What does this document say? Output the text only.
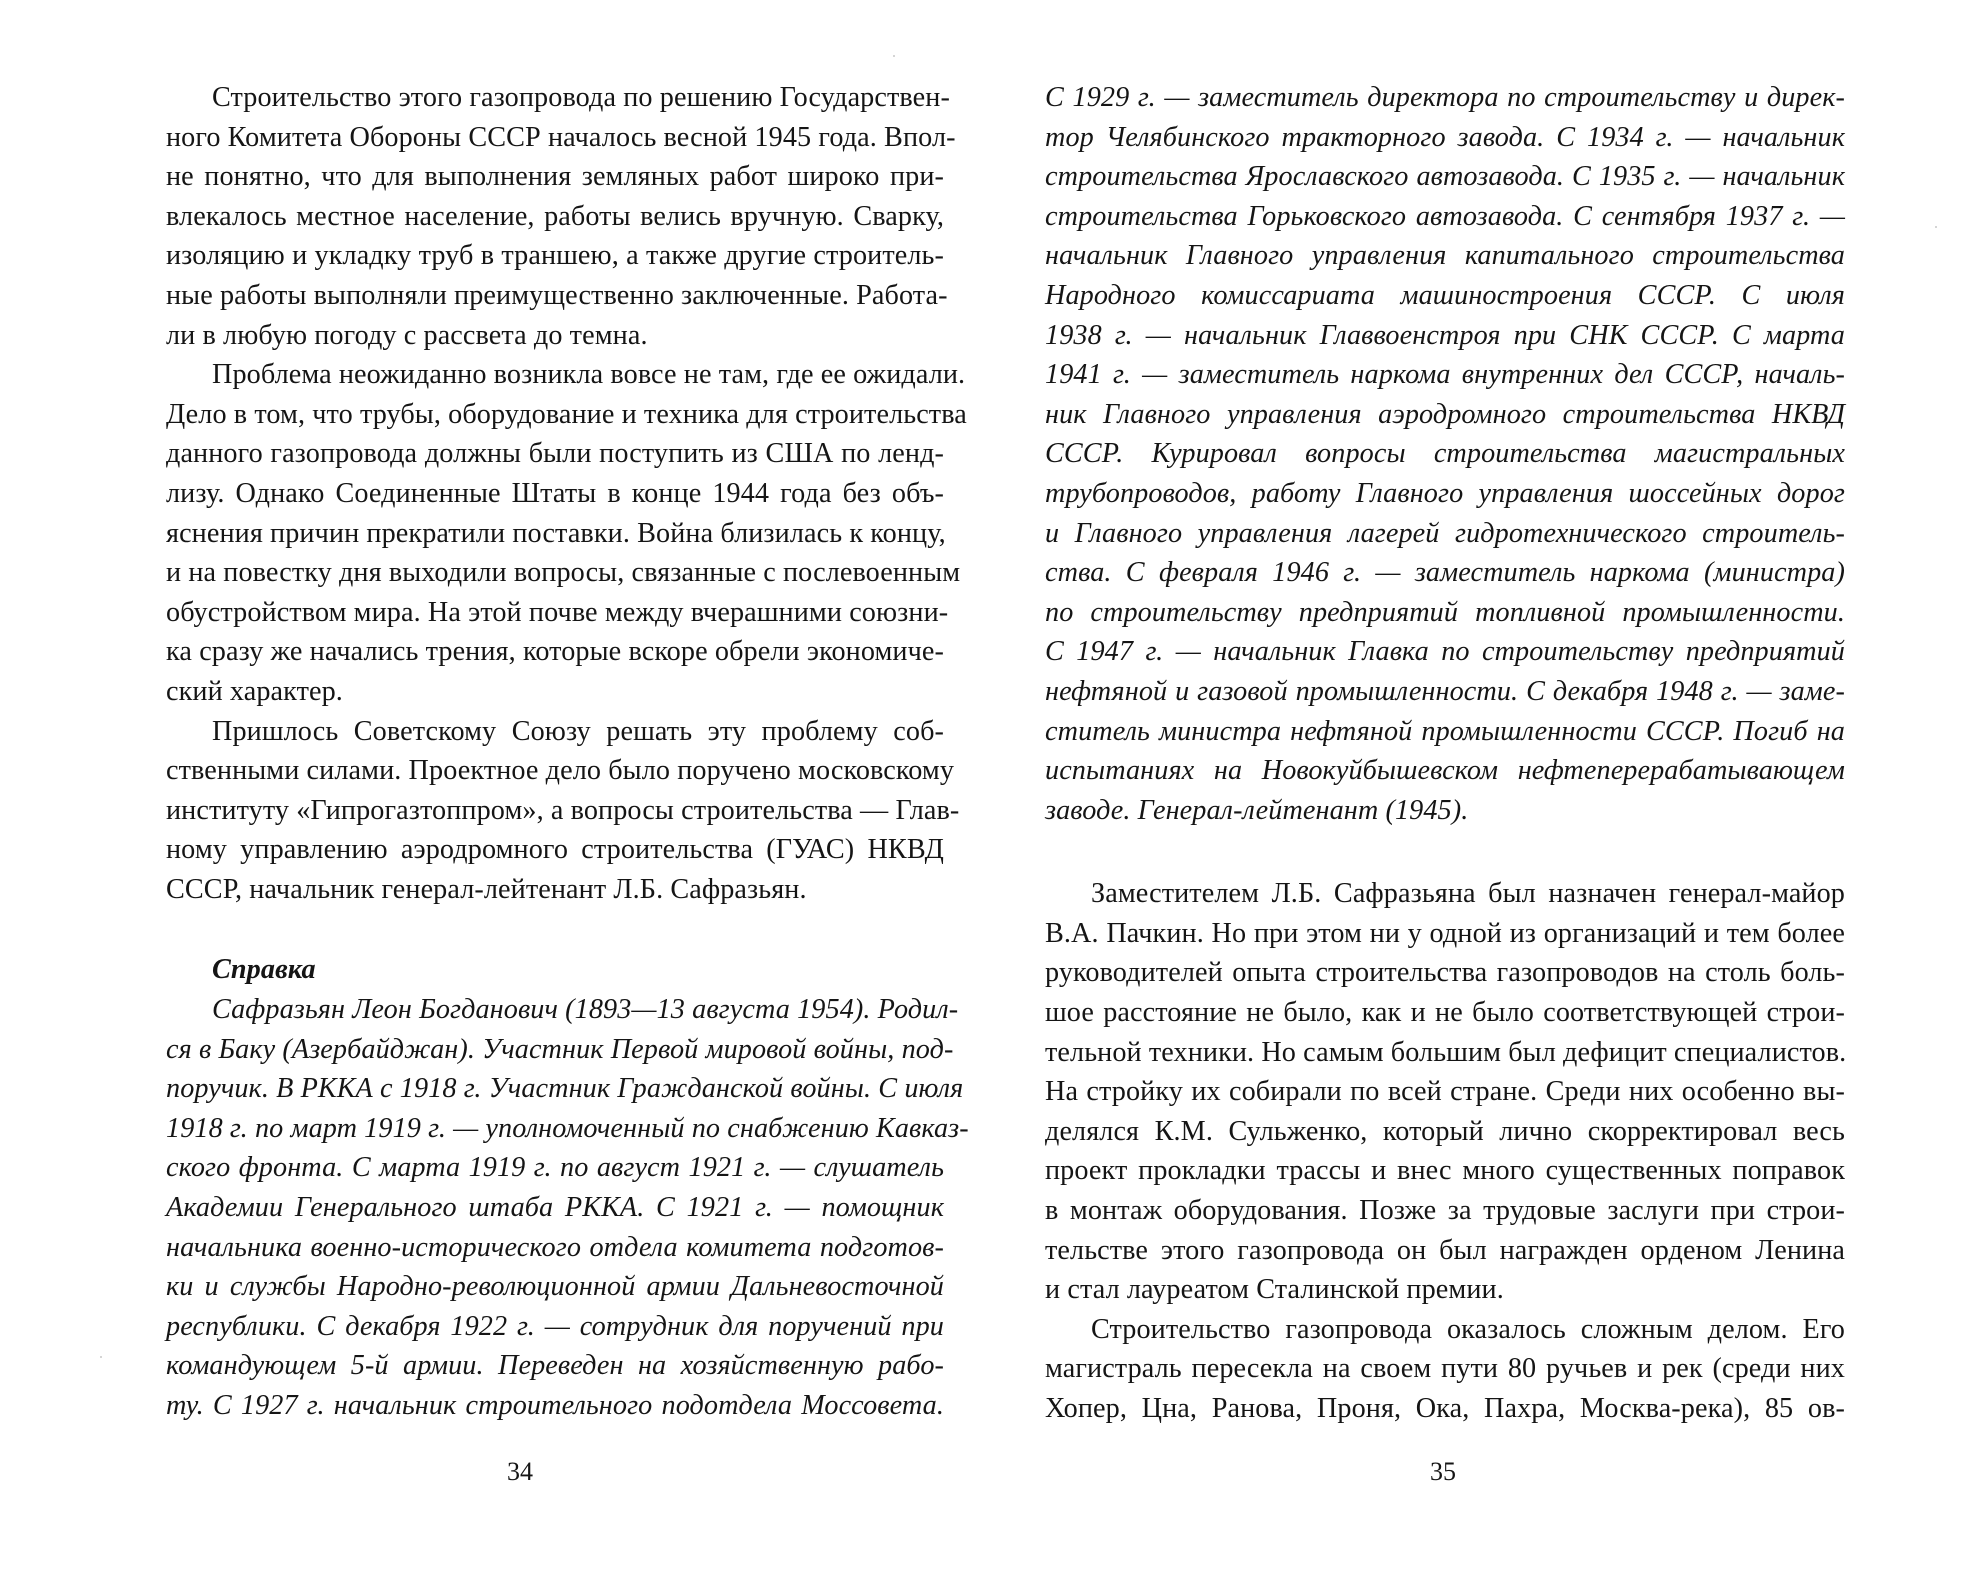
Строительство этого газопровода по решению Государствен-
ного Комитета Обороны СССР началось весной 1945 года. Впол-
не понятно, что для выполнения земляных работ широко при-
влекалось местное население, работы велись вручную. Сварку,
изоляцию и укладку труб в траншею, а также другие строитель-
ные работы выполняли преимущественно заключенные. Работа-
ли в любую погоду с рассвета до темна.
Проблема неожиданно возникла вовсе не там, где ее ожидали.
Дело в том, что трубы, оборудование и техника для строительства
данного газопровода должны были поступить из США по ленд-
лизу. Однако Соединенные Штаты в конце 1944 года без объ-
яснения причин прекратили поставки. Война близилась к концу,
и на повестку дня выходили вопросы, связанные с послевоенным
обустройством мира. На этой почве между вчерашними союзни-
ка сразу же начались трения, которые вскоре обрели экономиче-
ский характер.
Пришлось Советскому Союзу решать эту проблему соб-
ственными силами. Проектное дело было поручено московскому
институту «Гипрогазтоппром», а вопросы строительства — Глав-
ному управлению аэродромного строительства (ГУАС) НКВД
СССР, начальник генерал-лейтенант Л.Б. Сафразьян.
Справка
Сафразьян Леон Богданович (1893—13 августа 1954). Родил-
ся в Баку (Азербайджан). Участник Первой мировой войны, под-
поручик. В РККА с 1918 г. Участник Гражданской войны. С июля
1918 г. по март 1919 г. — уполномоченный по снабжению Кавказ-
ского фронта. С марта 1919 г. по август 1921 г. — слушатель
Академии Генерального штаба РККА. С 1921 г. — помощник
начальника военно-исторического отдела комитета подготов-
ки и службы Народно-революционной армии Дальневосточной
республики. С декабря 1922 г. — сотрудник для поручений при
командующем 5-й армии. Переведен на хозяйственную рабо-
ту. С 1927 г. начальник строительного подотдела Моссовета.
34
С 1929 г. — заместитель директора по строительству и дирек-
тор Челябинского тракторного завода. С 1934 г. — начальник
строительства Ярославского автозавода. С 1935 г. — начальник
строительства Горьковского автозавода. С сентября 1937 г. —
начальник Главного управления капитального строительства
Народного комиссариата машиностроения СССР. С июля
1938 г. — начальник Главвоенстроя при СНК СССР. С марта
1941 г. — заместитель наркома внутренних дел СССР, началь-
ник Главного управления аэродромного строительства НКВД
СССР. Курировал вопросы строительства магистральных
трубопроводов, работу Главного управления шоссейных дорог
и Главного управления лагерей гидротехнического строитель-
ства. С февраля 1946 г. — заместитель наркома (министра)
по строительству предприятий топливной промышленности.
С 1947 г. — начальник Главка по строительству предприятий
нефтяной и газовой промышленности. С декабря 1948 г. — заме-
ститель министра нефтяной промышленности СССР. Погиб на
испытаниях на Новокуйбышевском нефтеперерабатывающем
заводе. Генерал-лейтенант (1945).
Заместителем Л.Б. Сафразьяна был назначен генерал-майор
В.А. Пачкин. Но при этом ни у одной из организаций и тем более
руководителей опыта строительства газопроводов на столь боль-
шое расстояние не было, как и не было соответствующей строи-
тельной техники. Но самым большим был дефицит специалистов.
На стройку их собирали по всей стране. Среди них особенно вы-
делялся К.М. Сульженко, который лично скорректировал весь
проект прокладки трассы и внес много существенных поправок
в монтаж оборудования. Позже за трудовые заслуги при строи-
тельстве этого газопровода он был награжден орденом Ленина
и стал лауреатом Сталинской премии.
Строительство газопровода оказалось сложным делом. Его
магистраль пересекла на своем пути 80 ручьев и рек (среди них
Хопер, Цна, Ранова, Проня, Ока, Пахра, Москва-река), 85 ов-
35
